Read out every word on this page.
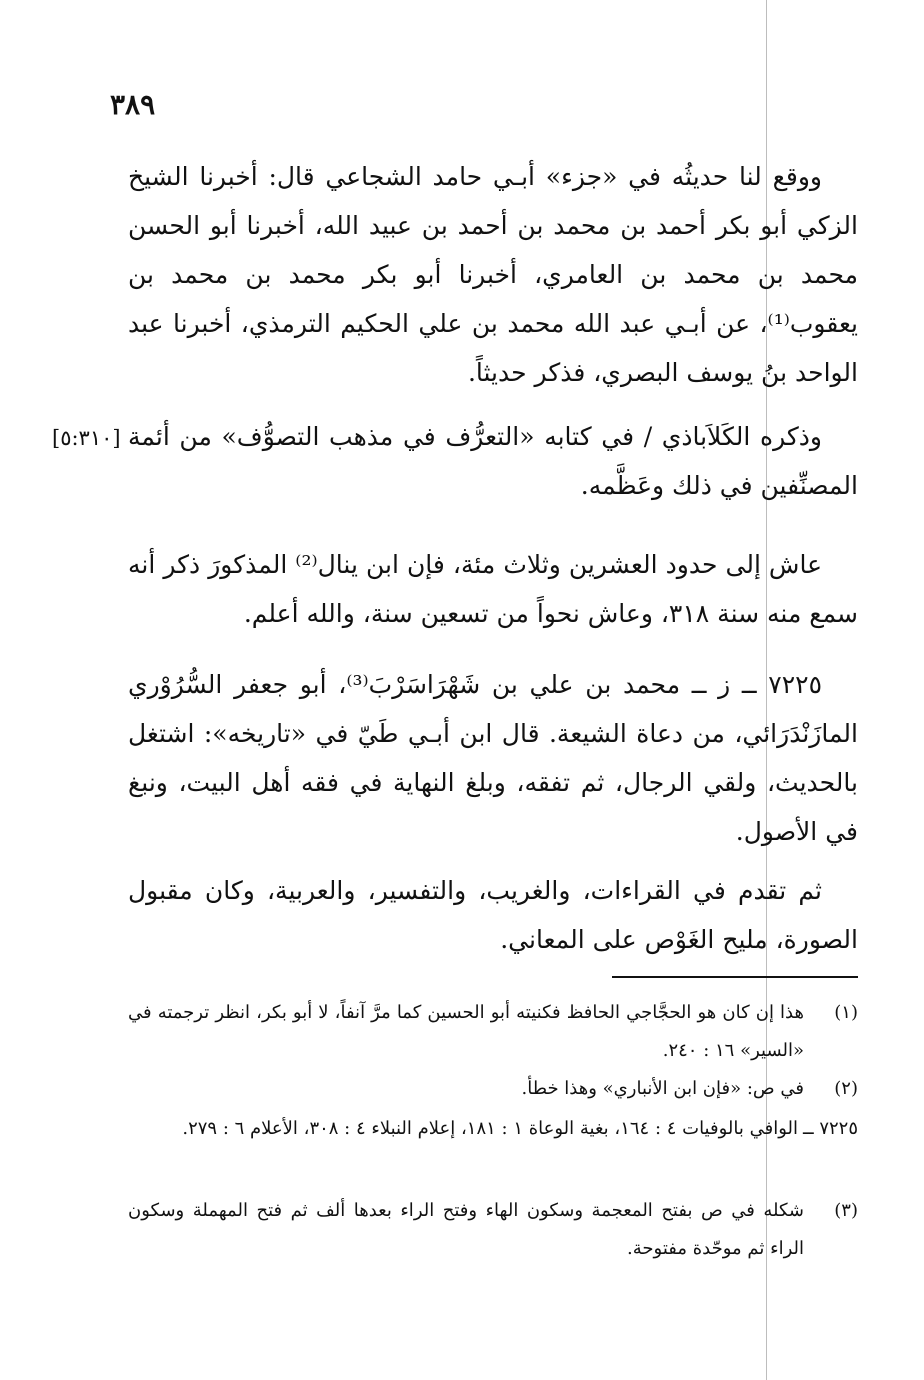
٣٨٩

ووقع لنا حديثُه في «جزء» أبـي حامد الشجاعي قال: أخبرنا الشيخ الزكي أبو بكر أحمد بن محمد بن أحمد بن عبيد الله، أخبرنا أبو الحسن محمد بن محمد بن العامري، أخبرنا أبو بكر محمد بن محمد بن يعقوب⁽¹⁾، عن أبـي عبد الله محمد بن علي الحكيم الترمذي، أخبرنا عبد الواحد بنُ يوسف البصري، فذكر حديثاً.

وذكره الكَلاَباذي / في كتابه «التعرُّف في مذهب التصوُّف» من أئمة المصنِّفين في ذلك وعَظَّمه.

[٥:٣١٠]

عاش إلى حدود العشرين وثلاث مئة، فإن ابن ينال⁽²⁾ المذكورَ ذكر أنه سمع منه سنة ٣١٨، وعاش نحواً من تسعين سنة، والله أعلم.

٧٢٢٥ ــ ز ــ محمد بن علي بن شَهْرَاسَرْبَ⁽³⁾، أبو جعفر السُّرُوْري المازَنْدَرَائي، من دعاة الشيعة. قال ابن أبـي طَيّ في «تاريخه»: اشتغل بالحديث، ولقي الرجال، ثم تفقه، وبلغ النهاية في فقه أهل البيت، ونبغ في الأصول.

ثم تقدم في القراءات، والغريب، والتفسير، والعربية، وكان مقبول الصورة، مليح الغَوْص على المعاني.

(١)
هذا إن كان هو الحجَّاجي الحافظ فكنيته أبو الحسين كما مرَّ آنفاً، لا أبو بكر، انظر ترجمته في «السير» ١٦ : ٢٤٠.
(٢)
في ص: «فإن ابن الأنباري» وهذا خطأ.
٧٢٢٥ ــ
الوافي بالوفيات ٤ : ١٦٤، بغية الوعاة ١ : ١٨١، إعلام النبلاء ٤ : ٣٠٨، الأعلام ٦ : ٢٧٩.
(٣)
شكله في ص بفتح المعجمة وسكون الهاء وفتح الراء بعدها ألف ثم فتح المهملة وسكون الراء ثم موحّدة مفتوحة.
